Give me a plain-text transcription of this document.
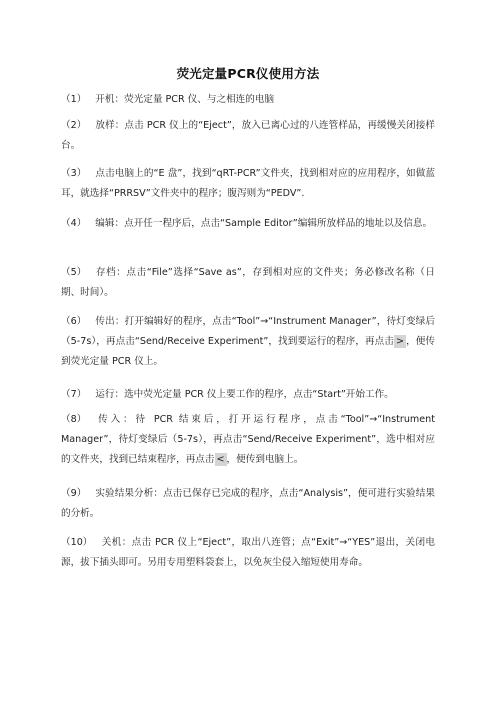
荧光定量PCR仪使用方法
（1） 开机：荧光定量 PCR 仪、与之相连的电脑
（2） 放样：点击 PCR 仪上的“Eject”，放入已离心过的八连管样品，再缓慢关闭接样台。
（3） 点击电脑上的“E 盘”，找到“qRT-PCR”文件夹，找到相对应的应用程序，如做蓝耳，就选择“PRRSV”文件夹中的程序；腹泻则为“PEDV”.
（4） 编辑：点开任一程序后，点击“Sample Editor”编辑所放样品的地址以及信息。
（5） 存档：点击“File”选择“Save as”，存到相对应的文件夹；务必修改名称（日期、时间）。
（6） 传出：打开编辑好的程序，点击“Tool”→“Instrument Manager”，待灯变绿后（5-7s），再点击“Send/Receive Experiment”，找到要运行的程序，再点击 > ，便传到荧光定量 PCR 仪上。
（7） 运行：选中荧光定量 PCR 仪上要工作的程序，点击“Start”开始工作。
（8） 传入：待 PCR 结束后，打开运行程序，点击“Tool”→“Instrument Manager”，待灯变绿后（5-7s），再点击“Send/Receive Experiment”，选中相对应的文件夹，找到已结束程序，再点击 < ，便传到电脑上。
（9） 实验结果分析：点击已保存已完成的程序，点击“Analysis”，便可进行实验结果的分析。
（10） 关机：点击 PCR 仪上“Eject”，取出八连管；点“Exit”→“YES”退出，关闭电源，拔下插头即可。另用专用塑料袋套上，以免灰尘侵入缩短使用寿命。
